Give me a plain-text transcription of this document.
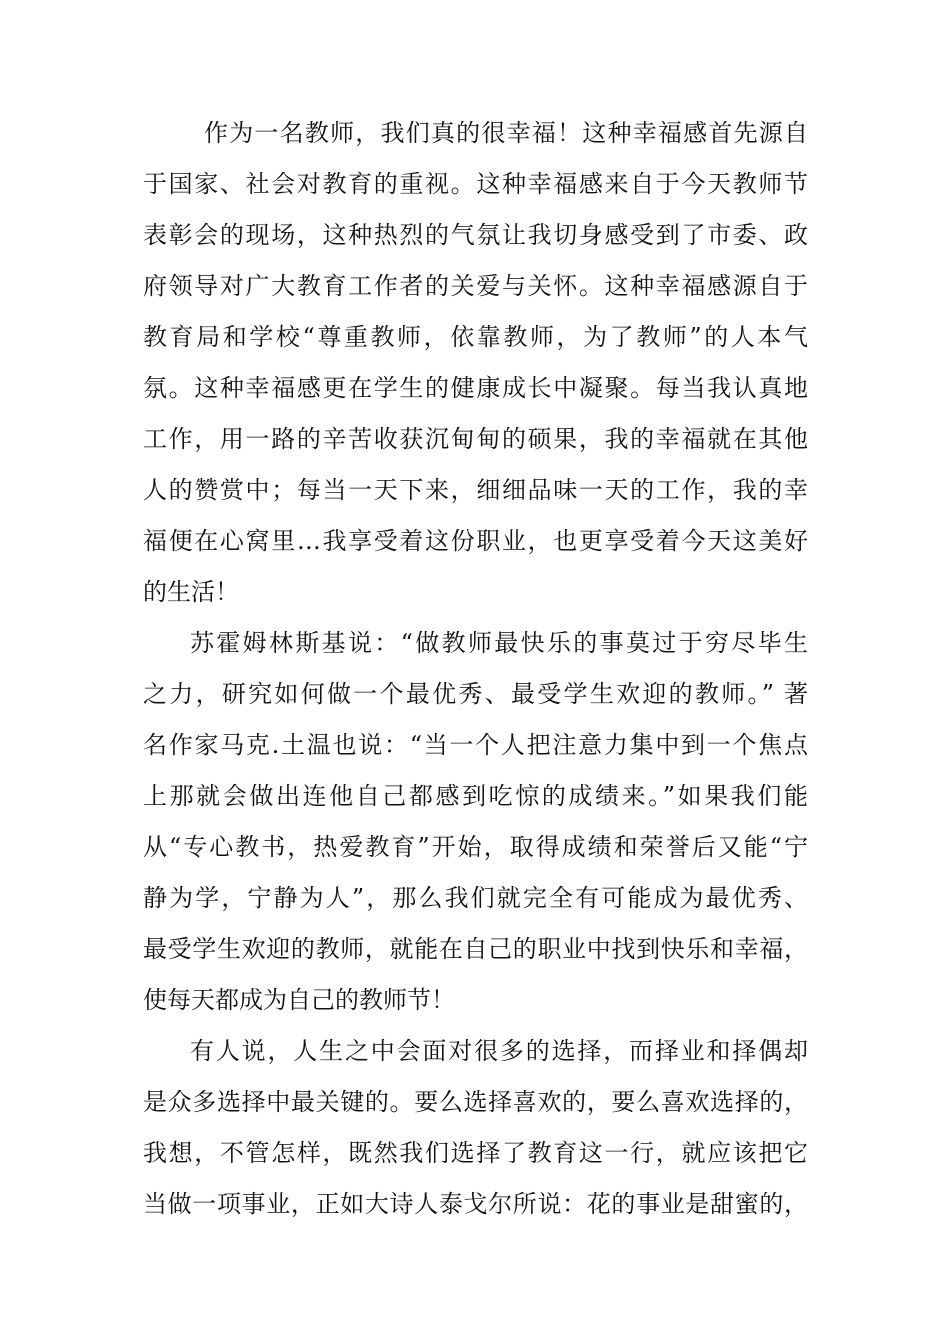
作为一名教师，我们真的很幸福！这种幸福感首先源自
于国家、社会对教育的重视。这种幸福感来自于今天教师节
表彰会的现场，这种热烈的气氛让我切身感受到了市委、政
府领导对广大教育工作者的关爱与关怀。这种幸福感源自于
教育局和学校“尊重教师，依靠教师，为了教师”的人本气
氛。这种幸福感更在学生的健康成长中凝聚。每当我认真地
工作，用一路的辛苦收获沉甸甸的硕果，我的幸福就在其他
人的赞赏中；每当一天下来，细细品味一天的工作，我的幸
福便在心窝里…我享受着这份职业，也更享受着今天这美好
的生活！
苏霍姆林斯基说：“做教师最快乐的事莫过于穷尽毕生
之力，研究如何做一个最优秀、最受学生欢迎的教师。” 著
名作家马克.土温也说：“当一个人把注意力集中到一个焦点
上那就会做出连他自己都感到吃惊的成绩来。”如果我们能
从“专心教书，热爱教育”开始，取得成绩和荣誉后又能“宁
静为学，宁静为人”，那么我们就完全有可能成为最优秀、
最受学生欢迎的教师，就能在自己的职业中找到快乐和幸福，
使每天都成为自己的教师节！
有人说，人生之中会面对很多的选择，而择业和择偶却
是众多选择中最关键的。要么选择喜欢的，要么喜欢选择的，
我想，不管怎样，既然我们选择了教育这一行，就应该把它
当做一项事业，正如大诗人泰戈尔所说：花的事业是甜蜜的，
